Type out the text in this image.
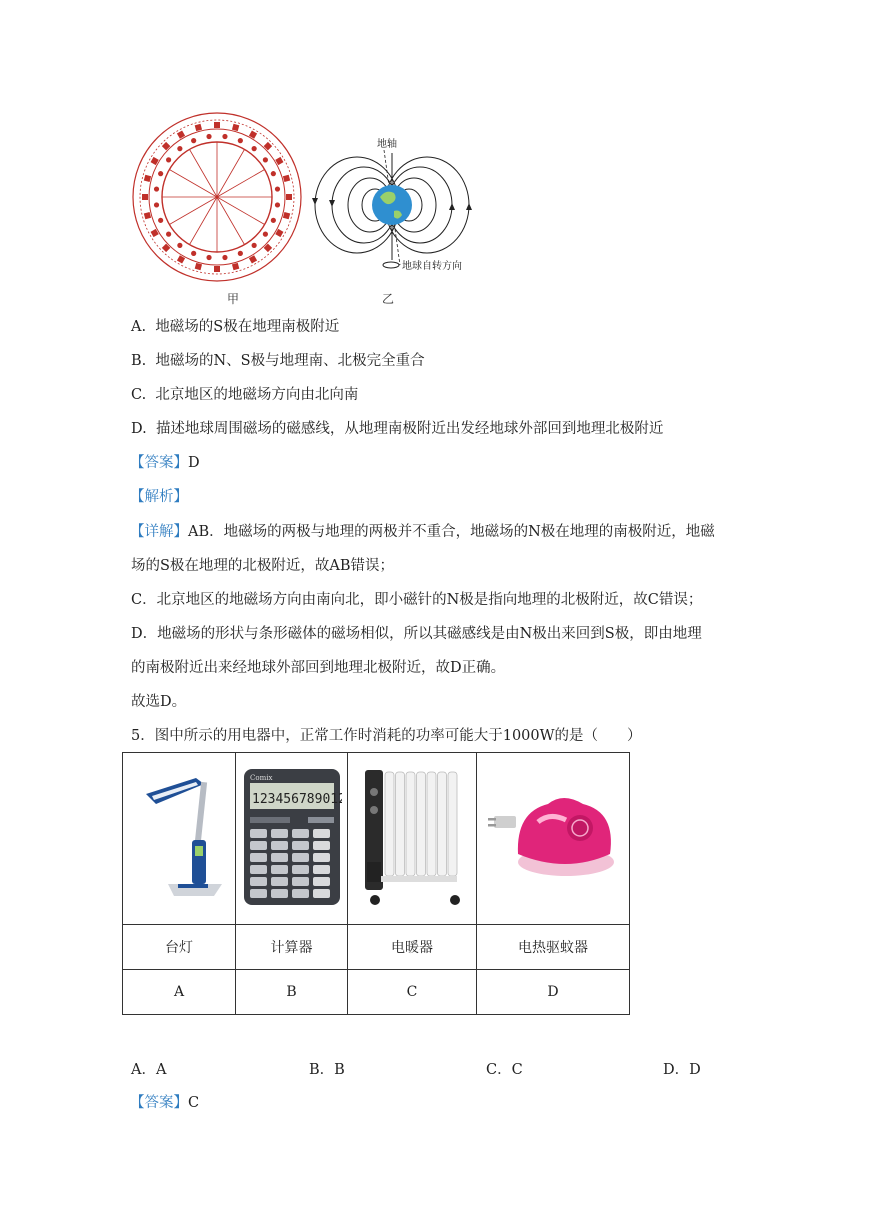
甲
地轴
地球自转方向
乙
A. 地磁场的S极在地理南极附近
B. 地磁场的N、S极与地理南、北极完全重合
C. 北京地区的地磁场方向由北向南
D. 描述地球周围磁场的磁感线，从地理南极附近出发经地球外部回到地理北极附近
【答案】D
【解析】
【详解】AB．地磁场的两极与地理的两极并不重合，地磁场的N极在地理的南极附近，地磁
场的S极在地理的北极附近，故AB错误；
C．北京地区的地磁场方向由南向北，即小磁针的N极是指向地理的北极附近，故C错误；
D．地磁场的形状与条形磁体的磁场相似，所以其磁感线是由N极出来回到S极，即由地理
的南极附近出来经地球外部回到地理北极附近，故D正确。
故选D。
5．图中所示的用电器中，正常工作时消耗的功率可能大于1000W的是（　　）

Comix
123456789012

台灯	计算器	电暖器	电热驱蚊器
A	B	C	D
A．A	B．B	C．C	D．D
【答案】C
